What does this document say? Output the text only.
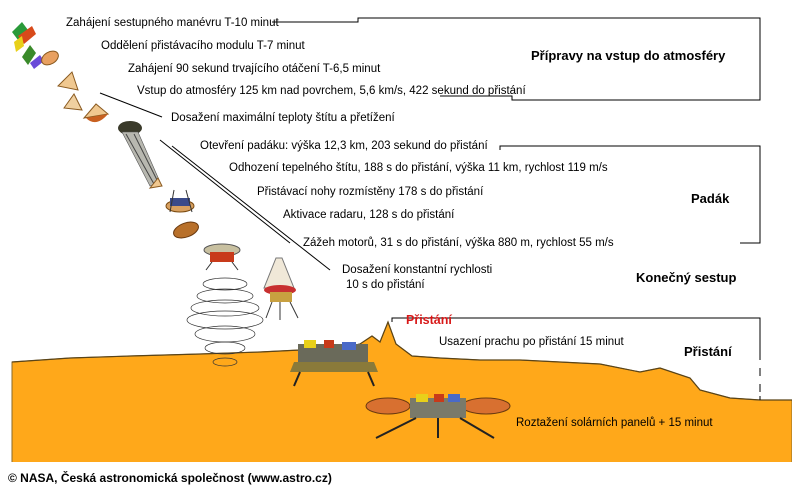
Zahájení sestupného manévru T-10 minut
Oddělení přistávacího modulu T-7 minut
Zahájení 90 sekund trvajícího otáčení T-6,5 minut
Vstup do atmosféry 125 km nad povrchem, 5,6 km/s, 422 sekund do přistání
Dosažení maximální teploty štítu a přetížení
Otevření padáku: výška 12,3 km, 203 sekund do přistání
Odhození tepelného štítu, 188 s do přistání, výška 11 km, rychlost 119 m/s
Přistávací nohy rozmístěny 178 s do přistání
Aktivace radaru, 128 s do přistání
Zážeh motorů, 31 s do přistání, výška 880 m, rychlost 55 m/s
Dosažení konstantní rychlosti
10 s do přistání
Usazení prachu po přistání 15 minut
Roztažení solárních panelů + 15 minut
Přípravy na vstup do atmosféry
Padák
Konečný sestup
Přistání
Přistání
© NASA, Česká astronomická společnost (www.astro.cz)
